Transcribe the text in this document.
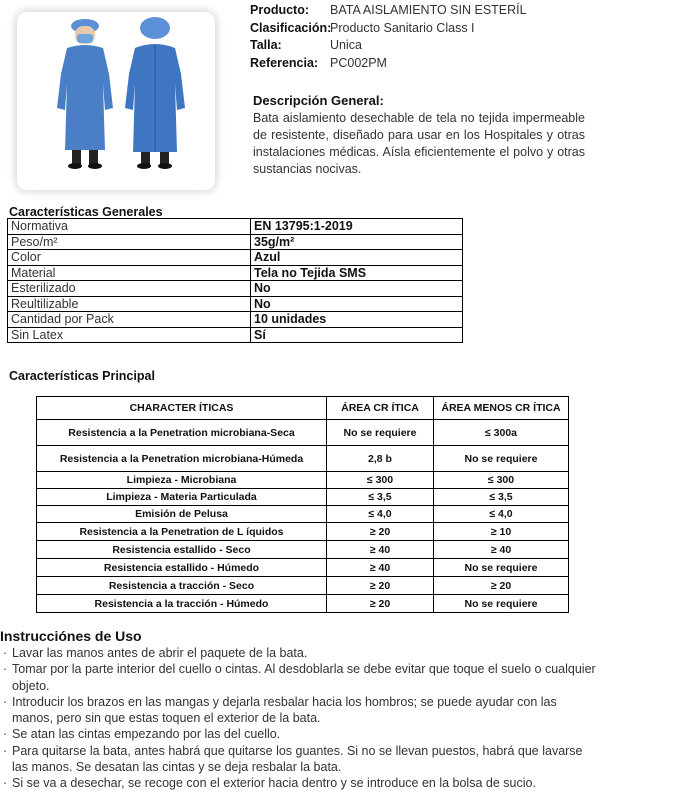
Producto:	BATA AISLAMIENTO SIN ESTERÍL
Clasificación:
Producto Sanitario Class I
Talla:	Unica
Referencia: PC002PM
Descripción General:
Bata aislamiento desechable de tela no tejida impermeable de resistente, diseñado para usar en los Hospitales y otras instalaciones médicas. Aísla eficientemente el polvo y otras sustancias nocivas.
Características Generales
Normativa	EN 13795:1-2019
Peso/m²	35g/m²
Color	Azul
Material	Tela no Tejida SMS
Esterilizado	No
Reultilizable	No
Cantidad por Pack	10 unidades
Sin Latex	Sí
Características Principal
CHARACTER ÍTICAS	ÁREA CR ÍTICA	ÁREA MENOS CR ÍTICA
Resistencia a la Penetration microbiana-Seca	No se requiere	≤ 300a
Resistencia a la Penetration microbiana-Húmeda	2,8 b	No se requiere
Limpieza - Microbiana	≤ 300	≤ 300
Limpieza - Materia Particulada	≤ 3,5	≤ 3,5
Emisión de Pelusa	≤ 4,0	≤ 4,0
Resistencia a la Penetration de L íquidos	≥ 20	≥ 10
Resistencia estallido - Seco	≥ 40	≥ 40
Resistencia estallido - Húmedo	≥ 40	No se requiere
Resistencia a tracción - Seco	≥ 20	≥ 20
Resistencia a la tracción - Húmedo	≥ 20	No se requiere
Instrucciónes de Uso
· Lavar las manos antes de abrir el paquete de la bata.
· Tomar por la parte interior del cuello o cintas. Al desdoblarla se debe evitar que toque el suelo o cualquier objeto.
· Introducir los brazos en las mangas y dejarla resbalar hacia los hombros; se puede ayudar con las manos, pero sin que estas toquen el exterior de la bata.
· Se atan las cintas empezando por las del cuello.
· Para quitarse la bata, antes habrá que quitarse los guantes. Si no se llevan puestos, habrá que lavarse las manos. Se desatan las cintas y se deja resbalar la bata.
· Si se va a desechar, se recoge con el exterior hacia dentro y se introduce en la bolsa de sucio.
